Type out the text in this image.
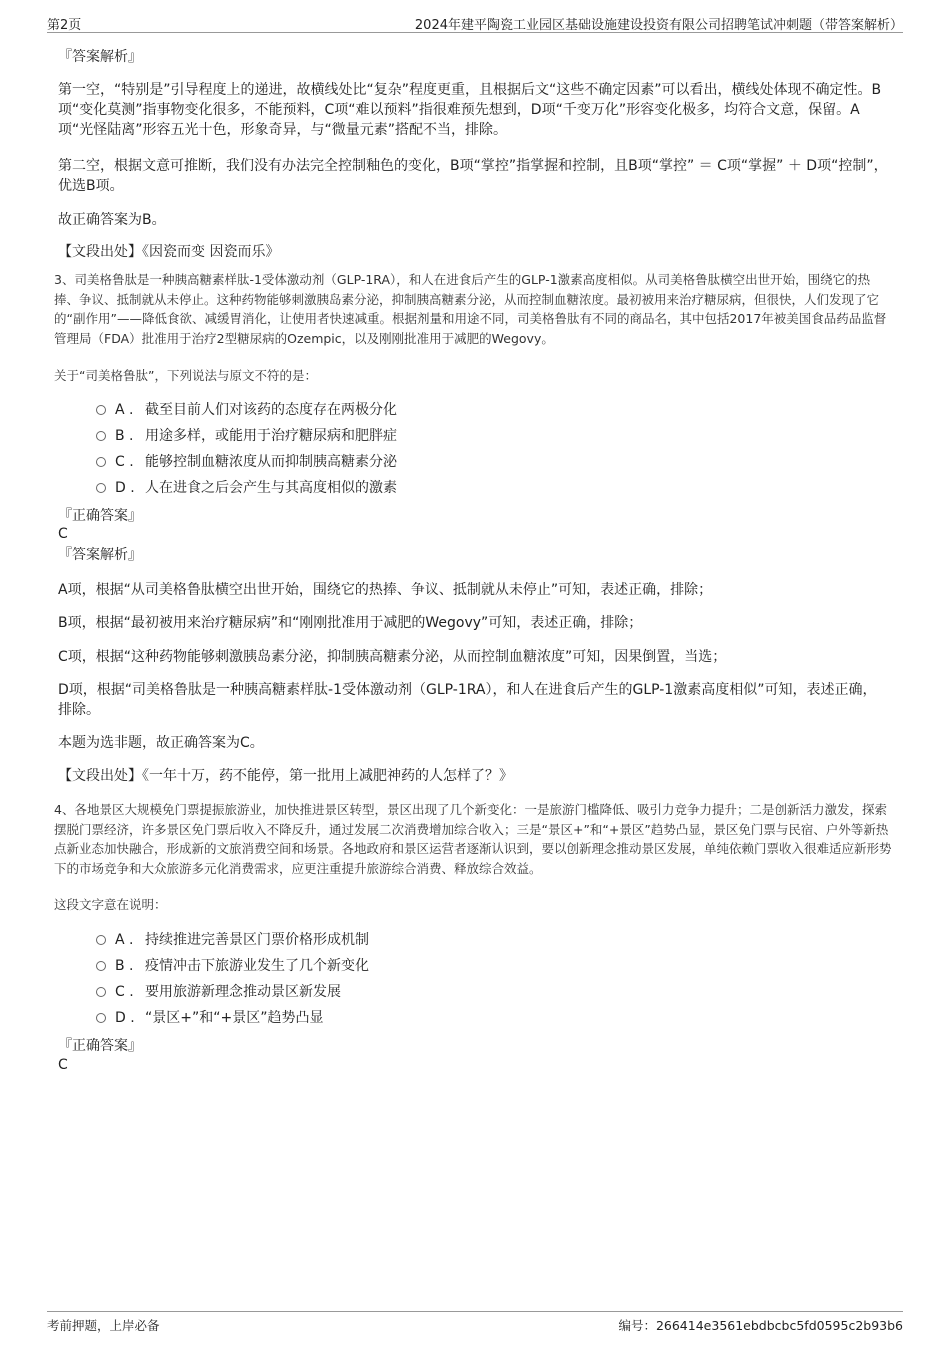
第2页	2024年建平陶瓷工业园区基础设施建设投资有限公司招聘笔试冲刺题（带答案解析）

『答案解析』

第一空，“特别是”引导程度上的递进，故横线处比“复杂”程度更重，且根据后文“这些不确定因素”可以看出，横线处体现不确定性。B项“变化莫测”指事物变化很多，不能预料，C项“难以预料”指很难预先想到，D项“千变万化”形容变化极多，均符合文意，保留。A项“光怪陆离”形容五光十色，形象奇异，与“微量元素”搭配不当，排除。

第二空，根据文意可推断，我们没有办法完全控制釉色的变化，B项“掌控”指掌握和控制，且B项“掌控” ＝ C项“掌握” ＋ D项“控制”，优选B项。

故正确答案为B。

【文段出处】《因瓷而变 因瓷而乐》

3、司美格鲁肽是一种胰高糖素样肽-1受体激动剂（GLP-1RA），和人在进食后产生的GLP-1激素高度相似。从司美格鲁肽横空出世开始，围绕它的热捧、争议、抵制就从未停止。这种药物能够刺激胰岛素分泌，抑制胰高糖素分泌，从而控制血糖浓度。最初被用来治疗糖尿病，但很快，人们发现了它的“副作用”——降低食欲、减缓胃消化，让使用者快速减重。根据剂量和用途不同，司美格鲁肽有不同的商品名，其中包括2017年被美国食品药品监督管理局（FDA）批准用于治疗2型糖尿病的Ozempic，以及刚刚批准用于减肥的Wegovy。

关于“司美格鲁肽”，下列说法与原文不符的是：

A . 截至目前人们对该药的态度存在两极分化
B . 用途多样，或能用于治疗糖尿病和肥胖症
C . 能够控制血糖浓度从而抑制胰高糖素分泌
D . 人在进食之后会产生与其高度相似的激素

『正确答案』

C

『答案解析』

A项，根据“从司美格鲁肽横空出世开始，围绕它的热捧、争议、抵制就从未停止”可知，表述正确，排除；

B项，根据“最初被用来治疗糖尿病”和“刚刚批准用于减肥的Wegovy”可知，表述正确，排除；

C项，根据“这种药物能够刺激胰岛素分泌，抑制胰高糖素分泌，从而控制血糖浓度”可知，因果倒置，当选；

D项，根据“司美格鲁肽是一种胰高糖素样肽-1受体激动剂（GLP-1RA），和人在进食后产生的GLP-1激素高度相似”可知，表述正确，排除。

本题为选非题，故正确答案为C。

【文段出处】《一年十万，药不能停，第一批用上减肥神药的人怎样了？》

4、各地景区大规模免门票提振旅游业，加快推进景区转型，景区出现了几个新变化：一是旅游门槛降低、吸引力竞争力提升；二是创新活力激发，探索摆脱门票经济，许多景区免门票后收入不降反升，通过发展二次消费增加综合收入；三是“景区+”和“+景区”趋势凸显，景区免门票与民宿、户外等新热点新业态加快融合，形成新的文旅消费空间和场景。各地政府和景区运营者逐渐认识到，要以创新理念推动景区发展，单纯依赖门票收入很难适应新形势下的市场竞争和大众旅游多元化消费需求，应更注重提升旅游综合消费、释放综合效益。

这段文字意在说明：

A . 持续推进完善景区门票价格形成机制
B . 疫情冲击下旅游业发生了几个新变化
C . 要用旅游新理念推动景区新发展
D . “景区+”和“+景区”趋势凸显

『正确答案』

C

考前押题，上岸必备	编号：266414e3561ebdbcbc5fd0595c2b93b6
